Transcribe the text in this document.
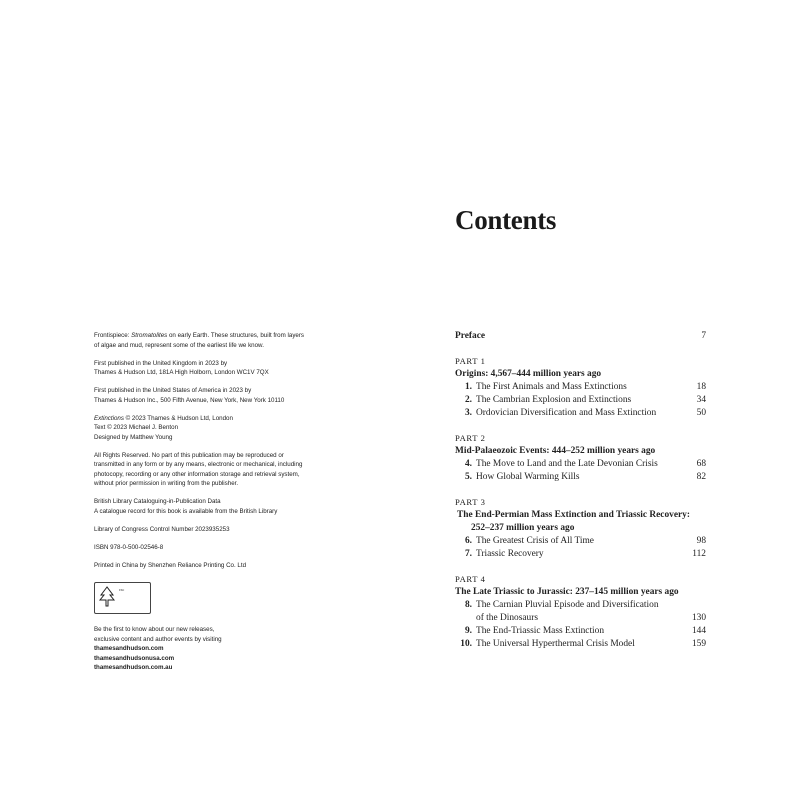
Frontispiece: Stromatolites on early Earth. These structures, built from layers of algae and mud, represent some of the earliest life we know.

First published in the United Kingdom in 2023 by
Thames & Hudson Ltd, 181A High Holborn, London WC1V 7QX

First published in the United States of America in 2023 by
Thames & Hudson Inc., 500 Fifth Avenue, New York, New York 10110

Extinctions © 2023 Thames & Hudson Ltd, London
Text © 2023 Michael J. Benton
Designed by Matthew Young

All Rights Reserved. No part of this publication may be reproduced or transmitted in any form or by any means, electronic or mechanical, including photocopy, recording or any other information storage and retrieval system, without prior permission in writing from the publisher.

British Library Cataloguing-in-Publication Data
A catalogue record for this book is available from the British Library

Library of Congress Control Number 2023935253

ISBN 978-0-500-02546-8

Printed in China by Shenzhen Reliance Printing Co. Ltd

FSC

Be the first to know about our new releases,
exclusive content and author events by visiting

thamesandhudson.com
thamesandhudsonusa.com
thamesandhudson.com.au
Contents
Preface	7
PART 1
Origins: 4,567–444 million years ago
1. The First Animals and Mass Extinctions	18
2. The Cambrian Explosion and Extinctions	34
3. Ordovician Diversification and Mass Extinction	50
PART 2
Mid-Palaeozoic Events: 444–252 million years ago
4. The Move to Land and the Late Devonian Crisis	68
5. How Global Warming Kills	82
PART 3
The End-Permian Mass Extinction and Triassic Recovery:
252–237 million years ago
6. The Greatest Crisis of All Time	98
7. Triassic Recovery	112
PART 4
The Late Triassic to Jurassic: 237–145 million years ago
8. The Carnian Pluvial Episode and Diversification
of the Dinosaurs	130
9. The End-Triassic Mass Extinction	144
10. The Universal Hyperthermal Crisis Model	159
